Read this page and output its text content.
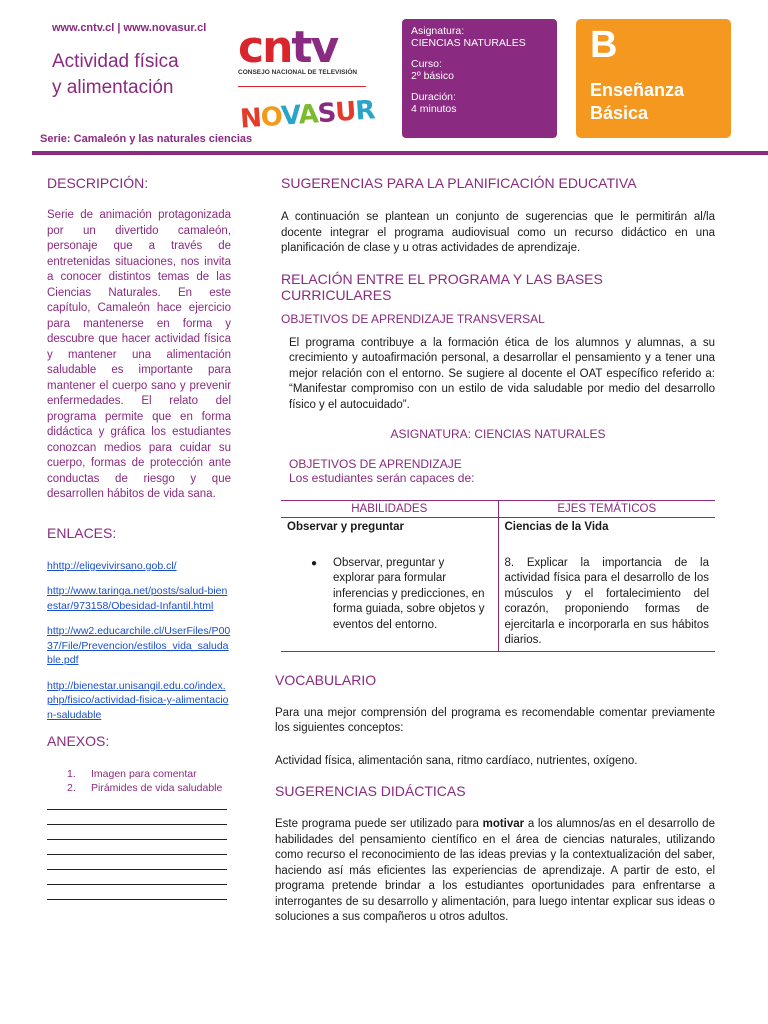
www.cntv.cl | www.novasur.cl
Actividad física
y alimentación
Serie: Camaleón y las naturales ciencias
cntv
CONSEJO NACIONAL DE TELEVISIÓN
NOVASUR
Asignatura:
CIENCIAS NATURALES
Curso:
2º básico
Duración:
4 minutos
B
Enseñanza
Básica
DESCRIPCIÓN:

Serie de animación protagonizada por un divertido camaleón, personaje que a través de entretenidas situaciones, nos invita a conocer distintos temas de las Ciencias Naturales. En este capítulo, Camaleón hace ejercicio para mantenerse en forma y descubre que hacer actividad física y mantener una alimentación saludable es importante para mantener el cuerpo sano y prevenir enfermedades. El relato del programa permite que en forma didáctica y gráfica los estudiantes conozcan medios para cuidar su cuerpo, formas de protección ante conductas de riesgo y que desarrollen hábitos de vida sana.

ENLACES:
hhttp://eligevivirsano.gob.cl/
http://www.taringa.net/posts/salud-bienestar/973158/Obesidad-Infantil.html
http://ww2.educarchile.cl/UserFiles/P0037/File/Prevencion/estilos_vida_saludable.pdf
http://bienestar.unisangil.edu.co/index.php/fisico/actividad-fisica-y-alimentacion-saludable
ANEXOS:
1. Imagen para comentar
2. Pirámides de vida saludable
SUGERENCIAS PARA LA PLANIFICACIÓN EDUCATIVA

A continuación se plantean un conjunto de sugerencias que le permitirán al/la docente integrar el programa audiovisual como un recurso didáctico en una planificación de clase y u otras actividades de aprendizaje.

RELACIÓN ENTRE EL PROGRAMA Y LAS BASES CURRICULARES
OBJETIVOS DE APRENDIZAJE TRANSVERSAL

El programa contribuye a la formación ética de los alumnos y alumnas, a su crecimiento y autoafirmación personal, a desarrollar el pensamiento y a tener una mejor relación con el entorno. Se sugiere al docente el OAT específico referido a: “Manifestar compromiso con un estilo de vida saludable por medio del desarrollo físico y el autocuidado”.

ASIGNATURA: CIENCIAS NATURALES
OBJETIVOS DE APRENDIZAJE
Los estudiantes serán capaces de:
HABILIDADES	EJES TEMÁTICOS
Observar y preguntar	Ciencias de la Vida

● Observar, preguntar y explorar para formular inferencias y predicciones, en forma guiada, sobre objetos y eventos del entorno.	8. Explicar la importancia de la actividad física para el desarrollo de los músculos y el fortalecimiento del corazón, proponiendo formas de ejercitarla e incorporarla en sus hábitos diarios.
VOCABULARIO

Para una mejor comprensión del programa es recomendable comentar previamente los siguientes conceptos:

Actividad física, alimentación sana, ritmo cardíaco, nutrientes, oxígeno.

SUGERENCIAS DIDÁCTICAS

Este programa puede ser utilizado para motivar a los alumnos/as en el desarrollo de habilidades del pensamiento científico en el área de ciencias naturales, utilizando como recurso el reconocimiento de las ideas previas y la contextualización del saber, haciendo así más eficientes las experiencias de aprendizaje. A partir de esto, el programa pretende brindar a los estudiantes oportunidades para enfrentarse a interrogantes de su desarrollo y alimentación, para luego intentar explicar sus ideas o soluciones a sus compañeros u otros adultos.
